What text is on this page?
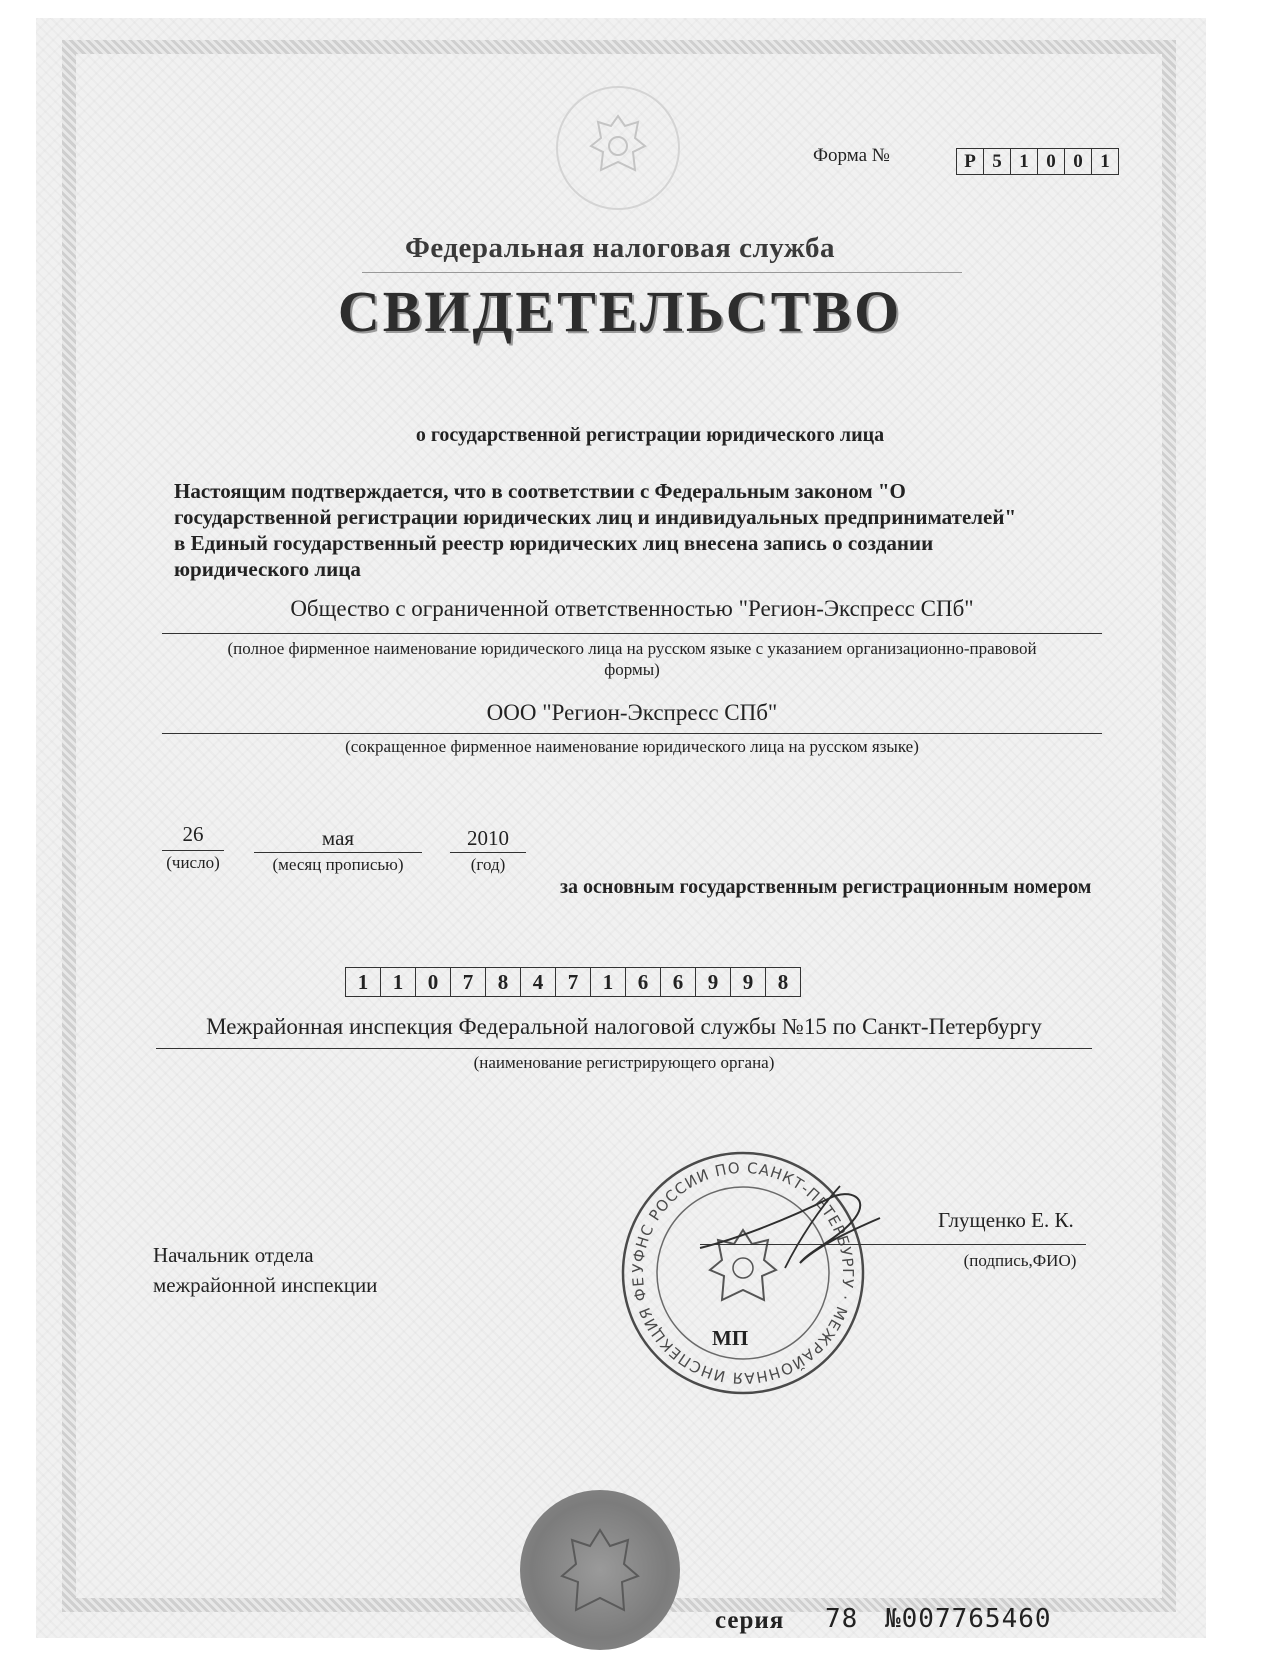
Форма №	Р 5 1 0 0 1
Федеральная налоговая служба
СВИДЕТЕЛЬСТВО
о государственной регистрации юридического лица
Настоящим подтверждается, что в соответствии с Федеральным законом "О
государственной регистрации юридических лиц и индивидуальных предпринимателей"
в Единый государственный реестр юридических лиц внесена запись о создании
юридического лица
Общество с ограниченной ответственностью "Регион-Экспресс СПб"
(полное фирменное наименование юридического лица на русском языке с указанием организационно-правовой
формы)
ООО "Регион-Экспресс СПб"
(сокращенное фирменное наименование юридического лица на русском языке)
26
(число)
мая
(месяц прописью)
2010
(год)
за основным государственным регистрационным номером
1	1	0	7	8	4	7	1	6	6	9	9	8
Межрайонная инспекция Федеральной налоговой службы №15 по Санкт-Петербургу
(наименование регистрирующего органа)
Начальник отдела
межрайонной инспекции
УФНС РОССИИ ПО САНКТ-ПЕТЕРБУРГУ · МЕЖРАЙОННАЯ ИНСПЕКЦИЯ ФЕ
Глущенко Е. К.
(подпись,ФИО)
МП
серия 78 №007765460
